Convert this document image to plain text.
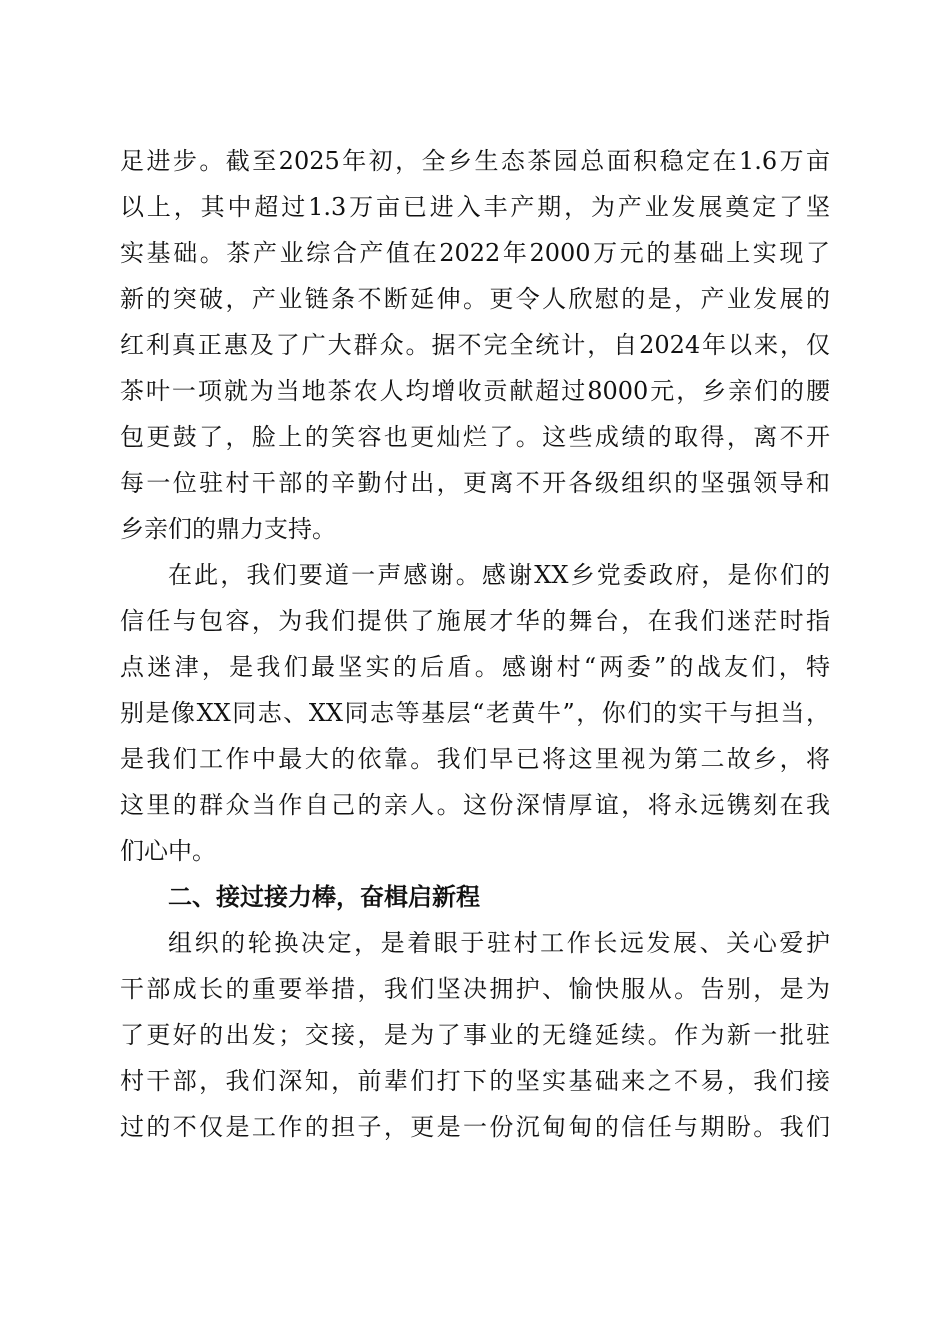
足进步。截至2025年初，全乡生态茶园总面积稳定在1.6万亩
以上，其中超过1.3万亩已进入丰产期，为产业发展奠定了坚
实基础。茶产业综合产值在2022年2000万元的基础上实现了
新的突破，产业链条不断延伸。更令人欣慰的是，产业发展的
红利真正惠及了广大群众。据不完全统计，自2024年以来，仅
茶叶一项就为当地茶农人均增收贡献超过8000元，乡亲们的腰
包更鼓了，脸上的笑容也更灿烂了。这些成绩的取得，离不开
每一位驻村干部的辛勤付出，更离不开各级组织的坚强领导和
乡亲们的鼎力支持。
在此，我们要道一声感谢。感谢XX乡党委政府，是你们的
信任与包容，为我们提供了施展才华的舞台，在我们迷茫时指
点迷津，是我们最坚实的后盾。感谢村“两委”的战友们，特
别是像XX同志、XX同志等基层“老黄牛”，你们的实干与担当，
是我们工作中最大的依靠。我们早已将这里视为第二故乡，将
这里的群众当作自己的亲人。这份深情厚谊，将永远镌刻在我
们心中。
二、接过接力棒，奋楫启新程
组织的轮换决定，是着眼于驻村工作长远发展、关心爱护
干部成长的重要举措，我们坚决拥护、愉快服从。告别，是为
了更好的出发；交接，是为了事业的无缝延续。作为新一批驻
村干部，我们深知，前辈们打下的坚实基础来之不易，我们接
过的不仅是工作的担子，更是一份沉甸甸的信任与期盼。我们
